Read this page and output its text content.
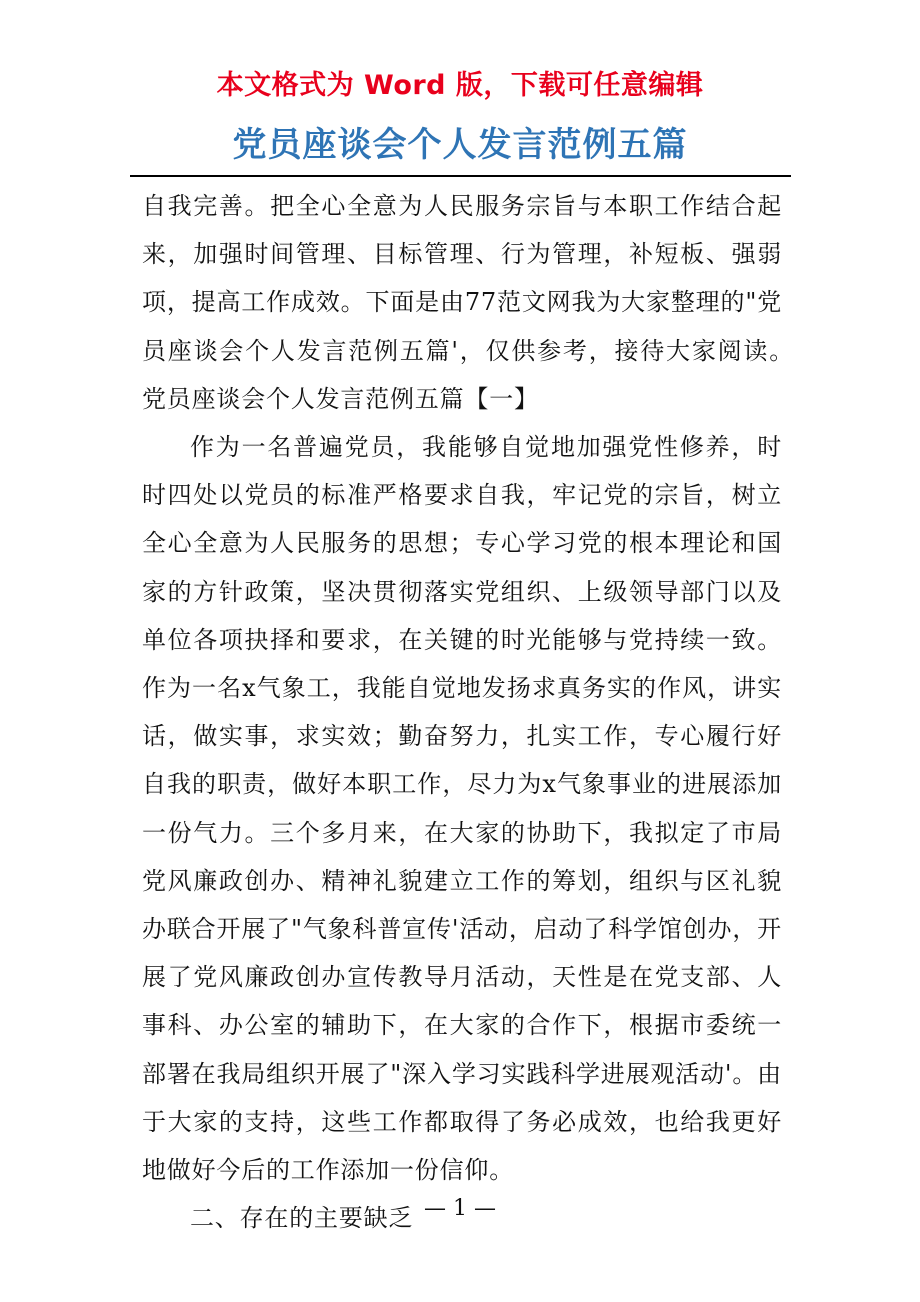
本文格式为 Word 版，下载可任意编辑
党员座谈会个人发言范例五篇

自我完善。把全心全意为人民服务宗旨与本职工作结合起来，加强时间管理、目标管理、行为管理，补短板、强弱项，提高工作成效。下面是由77范文网我为大家整理的"党员座谈会个人发言范例五篇'，仅供参考，接待大家阅读。　党员座谈会个人发言范例五篇【一】

作为一名普遍党员，我能够自觉地加强党性修养，时时四处以党员的标准严格要求自我，牢记党的宗旨，树立全心全意为人民服务的思想；专心学习党的根本理论和国家的方针政策，坚决贯彻落实党组织、上级领导部门以及单位各项抉择和要求，在关键的时光能够与党持续一致。作为一名x气象工，我能自觉地发扬求真务实的作风，讲实话，做实事，求实效；勤奋努力，扎实工作，专心履行好自我的职责，做好本职工作，尽力为x气象事业的进展添加一份气力。三个多月来，在大家的协助下，我拟定了市局党风廉政创办、精神礼貌建立工作的筹划，组织与区礼貌办联合开展了"气象科普宣传'活动，启动了科学馆创办，开展了党风廉政创办宣传教导月活动，天性是在党支部、人事科、办公室的辅助下，在大家的合作下，根据市委统一部署在我局组织开展了"深入学习实践科学进展观活动'。由于大家的支持，这些工作都取得了务必成效，也给我更好地做好今后的工作添加一份信仰。

二、存在的主要缺乏 — 1 —
